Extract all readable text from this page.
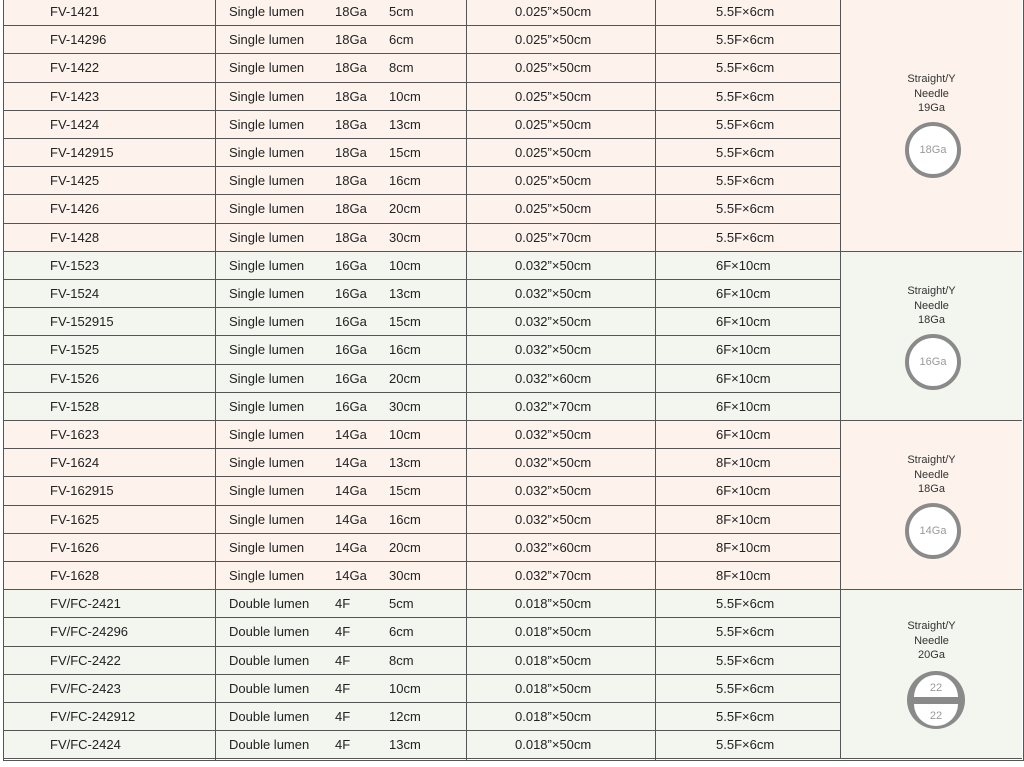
FV-1421	Single lumen 18Ga 5cm	0.025”×50cm	5.5F×6cm
FV-14296	Single lumen 18Ga 6cm	0.025”×50cm	5.5F×6cm
FV-1422	Single lumen 18Ga 8cm	0.025”×50cm	5.5F×6cm
FV-1423	Single lumen 18Ga 10cm	0.025”×50cm	5.5F×6cm
FV-1424	Single lumen 18Ga 13cm	0.025”×50cm	5.5F×6cm
FV-142915	Single lumen 18Ga 15cm	0.025”×50cm	5.5F×6cm
FV-1425	Single lumen 18Ga 16cm	0.025”×50cm	5.5F×6cm
FV-1426	Single lumen 18Ga 20cm	0.025”×50cm	5.5F×6cm
FV-1428	Single lumen 18Ga 30cm	0.025”×70cm	5.5F×6cm
FV-1523	Single lumen 16Ga 10cm	0.032”×50cm	6F×10cm
FV-1524	Single lumen 16Ga 13cm	0.032”×50cm	6F×10cm
FV-152915	Single lumen 16Ga 15cm	0.032”×50cm	6F×10cm
FV-1525	Single lumen 16Ga 16cm	0.032”×50cm	6F×10cm
FV-1526	Single lumen 16Ga 20cm	0.032”×60cm	6F×10cm
FV-1528	Single lumen 16Ga 30cm	0.032”×70cm	6F×10cm
FV-1623	Single lumen 14Ga 10cm	0.032”×50cm	6F×10cm
FV-1624	Single lumen 14Ga 13cm	0.032”×50cm	8F×10cm
FV-162915	Single lumen 14Ga 15cm	0.032”×50cm	6F×10cm
FV-1625	Single lumen 14Ga 16cm	0.032”×50cm	8F×10cm
FV-1626	Single lumen 14Ga 20cm	0.032”×60cm	8F×10cm
FV-1628	Single lumen 14Ga 30cm	0.032”×70cm	8F×10cm
FV/FC-2421	Double lumen 4F	5cm	0.018”×50cm	5.5F×6cm
FV/FC-24296	Double lumen 4F	6cm	0.018”×50cm	5.5F×6cm
FV/FC-2422	Double lumen 4F	8cm	0.018”×50cm	5.5F×6cm
FV/FC-2423	Double lumen 4F	10cm	0.018”×50cm	5.5F×6cm
FV/FC-242912	Double lumen 4F	12cm	0.018”×50cm	5.5F×6cm
FV/FC-2424	Double lumen 4F	13cm	0.018”×50cm	5.5F×6cm
Straight/Y
Needle
19Ga
18Ga
Straight/Y
Needle
18Ga
16Ga
Straight/Y
Needle
18Ga
14Ga
Straight/Y
Needle
20Ga
22
22
